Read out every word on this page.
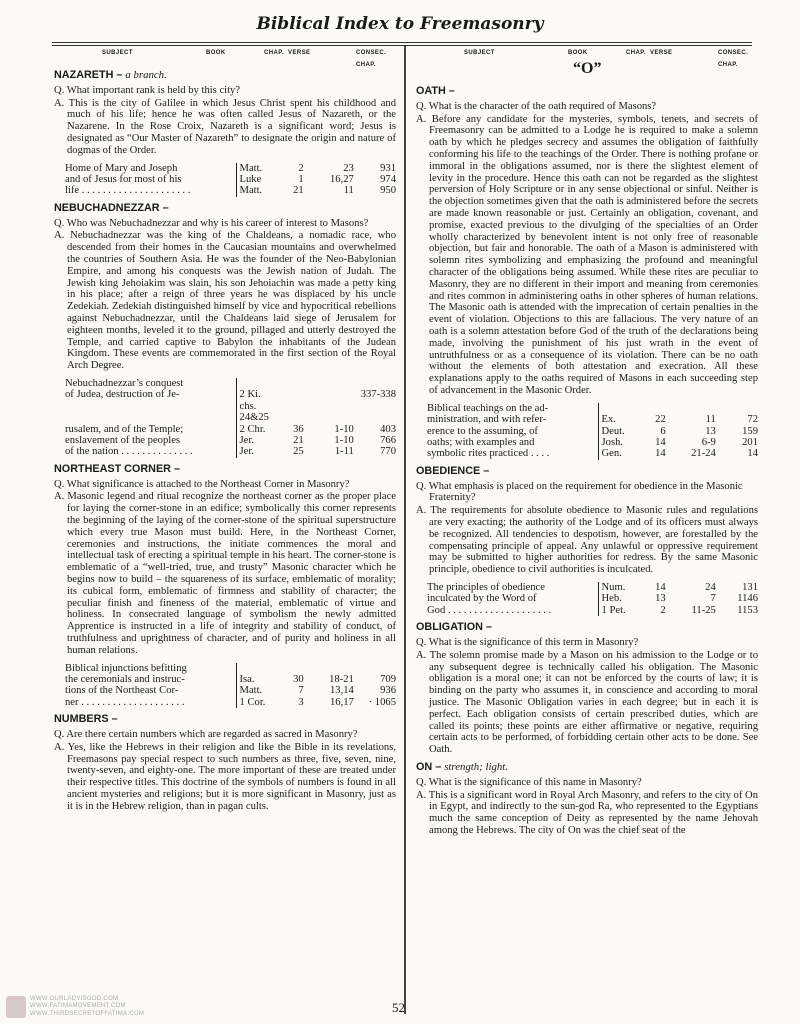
Biblical Index to Freemasonry
SUBJECT	BOOK	CHAP. VERSE	CONSEC.
CHAP.
NAZARETH – a branch.
Q. What important rank is held by this city?
A. This is the city of Galilee in which Jesus Christ spent his childhood and much of his life; hence he was often called Jesus of Nazareth, or the Nazarene. In the Rose Croix, Nazareth is a significant word; Jesus is designated as “Our Master of Nazareth” to designate the origin and nature of dogmas of the Order.
Home of Mary and Joseph	Matt.	2	23	931
and of Jesus for most of his	Luke	1	16,27	974
life . . . . . . . . . . . . . . . . . . . . .	Matt.	21	11	950
NEBUCHADNEZZAR –
Q. Who was Nebuchadnezzar and why is his career of interest to Masons?
A. Nebuchadnezzar was the king of the Chaldeans, a nomadic race, who descended from their homes in the Caucasian mountains and overwhelmed the countries of Southern Asia. He was the founder of the Neo-Babylonian Empire, and among his conquests was the Jewish nation of Judah. The Jewish king Jehoiakim was slain, his son Jehoiachin was made a petty king in his place; after a reign of three years he was displaced by his uncle Zedekiah. Zedekiah distinguished himself by vice and hypocritical rebellions against Nebuchadnezzar, until the Chaldeans laid siege of Jerusalem for eighteen months, leveled it to the ground, pillaged and utterly destroyed the Temple, and carried captive to Babylon the inhabitants of the Judean Kingdom. These events are commemorated in the first section of the Royal Arch Degree.
Nebuchadnezzar’s conquest				
of Judea, destruction of Je-	2 Ki. chs. 24&25			337-338
rusalem, and of the Temple;	2 Chr.	36	1-10	403
enslavement of the peoples	Jer.	21	1-10	766
of the nation . . . . . . . . . . . . . .	Jer.	25	1-11	770
NORTHEAST CORNER –
Q. What significance is attached to the Northeast Corner in Masonry?
A. Masonic legend and ritual recognize the northeast corner as the proper place for laying the corner-stone in an edifice; symbolically this corner represents the beginning of the laying of the corner-stone of the spiritual superstructure which every true Mason must build. Here, in the Northeast Corner, ceremonies and instructions, the initiate commences the moral and intellectual task of erecting a spiritual temple in his heart. The corner-stone is emblematic of a “well-tried, true, and trusty” Masonic character which he begins now to build – the squareness of its surface, emblematic of morality; its cubical form, emblematic of firmness and stability of character; the peculiar finish and fineness of the material, emblematic of virtue and holiness. In consecrated language of symbolism the newly admitted Apprentice is instructed in a life of integrity and stability of conduct, of truthfulness and uprightness of character, and of purity and holiness in all human relations.
Biblical injunctions befitting				
the ceremonials and instruc-	Isa.	30	18-21	709
tions of the Northeast Cor-	Matt.	7	13,14	936
ner . . . . . . . . . . . . . . . . . . . .	1 Cor.	3	16,17	· 1065
NUMBERS –
Q. Are there certain numbers which are regarded as sacred in Masonry?
A. Yes, like the Hebrews in their religion and like the Bible in its revelations, Freemasons pay special respect to such numbers as three, five, seven, nine, twenty-seven, and eighty-one. The more important of these are treated under their respective titles. This doctrine of the symbols of numbers is found in all ancient mysteries and religions; but it is more significant in Masonry, just as it is in the Hebrew religion, than in pagan cults.
SUBJECT	BOOK	CHAP. VERSE	CONSEC.
CHAP.
OATH –
Q. What is the character of the oath required of Masons?
A. Before any candidate for the mysteries, symbols, tenets, and secrets of Freemasonry can be admitted to a Lodge he is required to make a solemn oath by which he pledges secrecy and assumes the obligation of faithfully conforming his life to the teachings of the Order. There is nothing profane or immoral in the obligations assumed, nor is there the slightest element of levity in the procedure. Hence this oath can not be regarded as the slightest perversion of Holy Scripture or in any sense objectional or sinful. Neither is the objection sometimes given that the oath is administered before the secrets are made known reasonable or just. Certainly an obligation, covenant, and promise, exacted previous to the divulging of the specialties of an Order wholly characterized by benevolent intent is not only free of reasonable objection, but fair and honorable. The oath of a Mason is administered with solemn rites symbolizing and emphasizing the profound and meaningful character of the obligations being assumed. While these rites are peculiar to Masonry, they are no different in their import and meaning from ceremonies and rites common in administering oaths in other spheres of human relations. The Masonic oath is attended with the imprecation of certain penalties in the event of violation. Objections to this are fallacious. The very nature of an oath is a solemn attestation before God of the truth of the declarations being made, involving the punishment of his just wrath in the event of untruthfulness or as a consequence of its violation. There can be no oath without the elements of both attestation and execration. All these explanations apply to the oaths required of Masons in each succeeding step of advancement in the Masonic Order.
Biblical teachings on the ad-				
ministration, and with refer-	Ex.	22	11	72
erence to the assuming, of	Deut.	6	13	159
oaths; with examples and	Josh.	14	6-9	201
symbolic rites practiced . . . .	Gen.	14	21-24	14
OBEDIENCE –
Q. What emphasis is placed on the requirement for obedience in the Masonic Fraternity?
A. The requirements for absolute obedience to Masonic rules and regulations are very exacting; the authority of the Lodge and of its officers must always be recognized. All tendencies to despotism, however, are forestalled by the compensating principle of appeal. Any unlawful or oppressive requirement may be submitted to higher authorities for redress. By the same Masonic principle, obedience to civil authorities is inculcated.
The principles of obedience	Num.	14	24	131
inculcated by the Word of	Heb.	13	7	1146
God . . . . . . . . . . . . . . . . . . . .	1 Pet.	2	11-25	1153
OBLIGATION –
Q. What is the significance of this term in Masonry?
A. The solemn promise made by a Mason on his admission to the Lodge or to any subsequent degree is technically called his obligation. The Masonic obligation is a moral one; it can not be enforced by the courts of law; it is binding on the party who assumes it, in conscience and according to moral justice. The Masonic Obligation varies in each degree; but in each it is perfect. Each obligation consists of certain prescribed duties, which are called its points; these points are either affirmative or negative, requiring certain acts to be performed, of forbidding certain other acts to be done. See Oath.
ON – strength; light.
Q. What is the significance of this name in Masonry?
A. This is a significant word in Royal Arch Masonry, and refers to the city of On in Egypt, and indirectly to the sun-god Ra, who represented to the Egyptians much the same conception of Deity as represented by the name Jehovah among the Hebrews. The city of On was the chief seat of the
“O”
52
WWW.OURLADYISGOD.COM
WWW.FATIMAMOVEMENT.COM
WWW.THIRDSECRETOFFATIMA.COM
